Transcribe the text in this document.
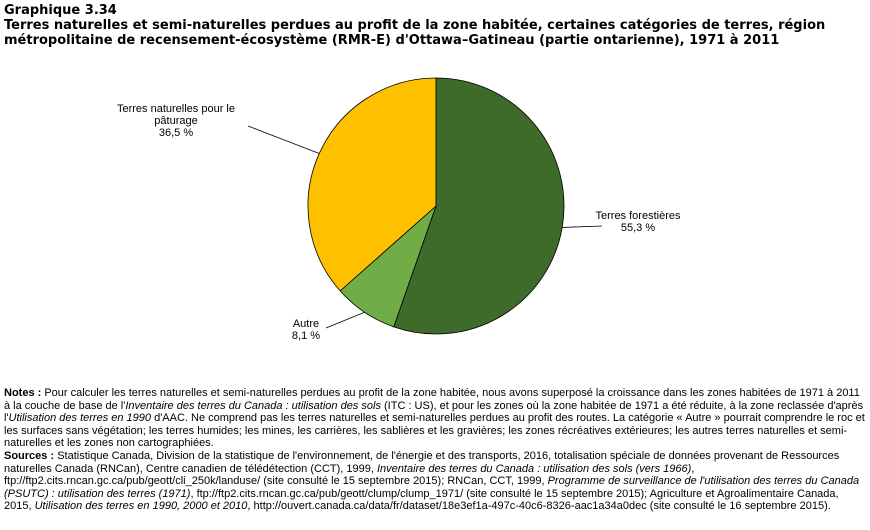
Graphique 3.34
Terres naturelles et semi-naturelles perdues au profit de la zone habitée, certaines catégories de terres, région métropolitaine de recensement-écosystème (RMR-E) d'Ottawa–Gatineau (partie ontarienne), 1971 à 2011
Terres forestières
55,3 %
Autre
8,1 %
Terres naturelles pour le
pâturage
36,5 %

Notes : Pour calculer les terres naturelles et semi-naturelles perdues au profit de la zone habitée, nous avons superposé la croissance dans les zones habitées de 1971 à 2011 à la couche de base de l'Inventaire des terres du Canada : utilisation des sols (ITC : US), et pour les zones où la zone habitée de 1971 a été réduite, à la zone reclassée d'après l'Utilisation des terres en 1990 d'AAC. Ne comprend pas les terres naturelles et semi-naturelles perdues au profit des routes. La catégorie « Autre » pourrait comprendre le roc et les surfaces sans végétation; les terres humides; les mines, les carrières, les sablières et les gravières; les zones récréatives extérieures; les autres terres naturelles et semi-naturelles et les zones non cartographiées.

Sources : Statistique Canada, Division de la statistique de l'environnement, de l'énergie et des transports, 2016, totalisation spéciale de données provenant de Ressources naturelles Canada (RNCan), Centre canadien de télédétection (CCT), 1999, Inventaire des terres du Canada : utilisation des sols (vers 1966), ftp://ftp2.cits.rncan.gc.ca/pub/geott/cli_250k/landuse/ (site consulté le 15 septembre 2015); RNCan, CCT, 1999, Programme de surveillance de l'utilisation des terres du Canada (PSUTC) : utilisation des terres (1971), ftp://ftp2.cits.rncan.gc.ca/pub/geott/clump/clump_1971/ (site consulté le 15 septembre 2015); Agriculture et Agroalimentaire Canada, 2015, Utilisation des terres en 1990, 2000 et 2010, http://ouvert.canada.ca/data/fr/dataset/18e3ef1a-497c-40c6-8326-aac1a34a0dec (site consulté le 16 septembre 2015).
